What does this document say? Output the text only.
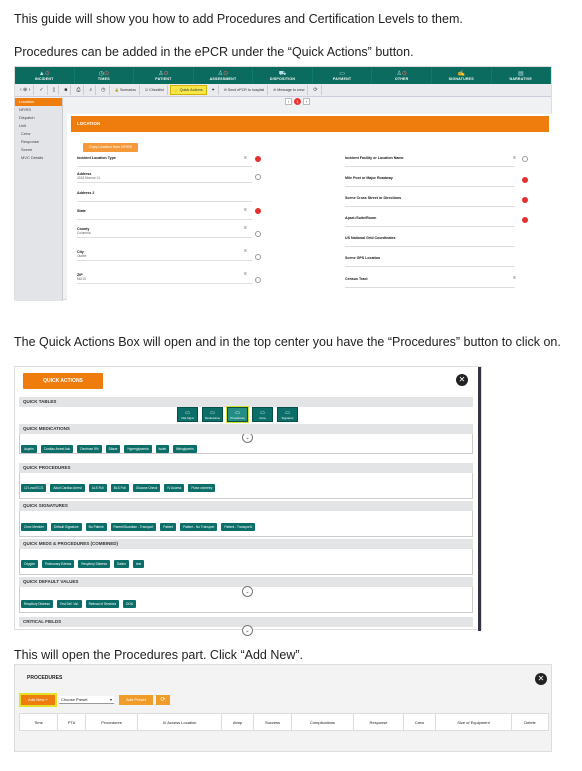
This guide will show you how to add Procedures and Certification Levels to them.

Procedures can be added in the ePCR under the “Quick Actions” button.

The Quick Actions Box will open and in the top center you have the “Procedures” button to click on.

This will open the Procedures part. Click “Add New”.

▲⊙
INCIDENT
◷⊙
TIMES
♙⊙
PATIENT
♙⊙
ASSESSMENT
⛟
DISPOSITION
▭
PAYMENT
♙⊙
OTHER
✍
SIGNATURES
▤
NARRATIVE
‹ ⊕ ›	✓	▯	■	⎙	⌕	◷	🔒 Scenarios	☑ Checklist	⚡ Quick Actions	⚑	✉ Send ePCR to hospital	✉ Message to crew	⟳
‹	1	›
Location
NFIRS
Dispatch
Unit
Crew
Response
Scene
MVC Details
LOCATION
Copy Location from NFIRS
Incident Location Type	≡
Address
4318 Monroe Ct
Address 2
State	≡
County
Columbia
≡
City
Olathe
≡
ZIP
66215
≡
Incident Facility or Location Name	≡
Mile Post or Major Roadway
Scene Cross Street or Directions
Apart./Suite/Room
US National Grid Coordinates
Scene GPS Location
Census Tract	≡
QUICK ACTIONS	✕
QUICK TABLES
▭
Vital Signs
▭
Medications
▭
Procedures
▭
Crew
▭
Signature
⌄
QUICK MEDICATIONS
Aspirin	Cardiac Arrest Adu	Dextrose 5%	Dilaxe	Hyperglycemia	Isolet	Nitroglycerin
QUICK PROCEDURES
12 Lead ECG	Adult Cardiac Arrest	ALS Full	BLS Full	Glucose Check	IV Access	Pulse oximetry
QUICK SIGNATURES
Crew Member	Default Signature	No Patient	Parent/Guardian - Transport	Patient	Patient - No Transport	Patient - Transport1
QUICK MEDS & PROCEDURES (COMBINED)
Oxygen	Pulmonary Edema	Respitory Distress	Saline	test
QUICK DEFAULT VALUES
⌄
Respitory Distress	Test Def. Val.	Refusal of Services	DOA
CRITICAL FIELDS
⌄
PROCEDURES	✕
Add New +	Choose Preset	▾	Add Preset	⟳
Time	PTA	Procedures	IV Access Location	Atmp	Success	Complications	Response	Crew	Size of Equipment	Delete
